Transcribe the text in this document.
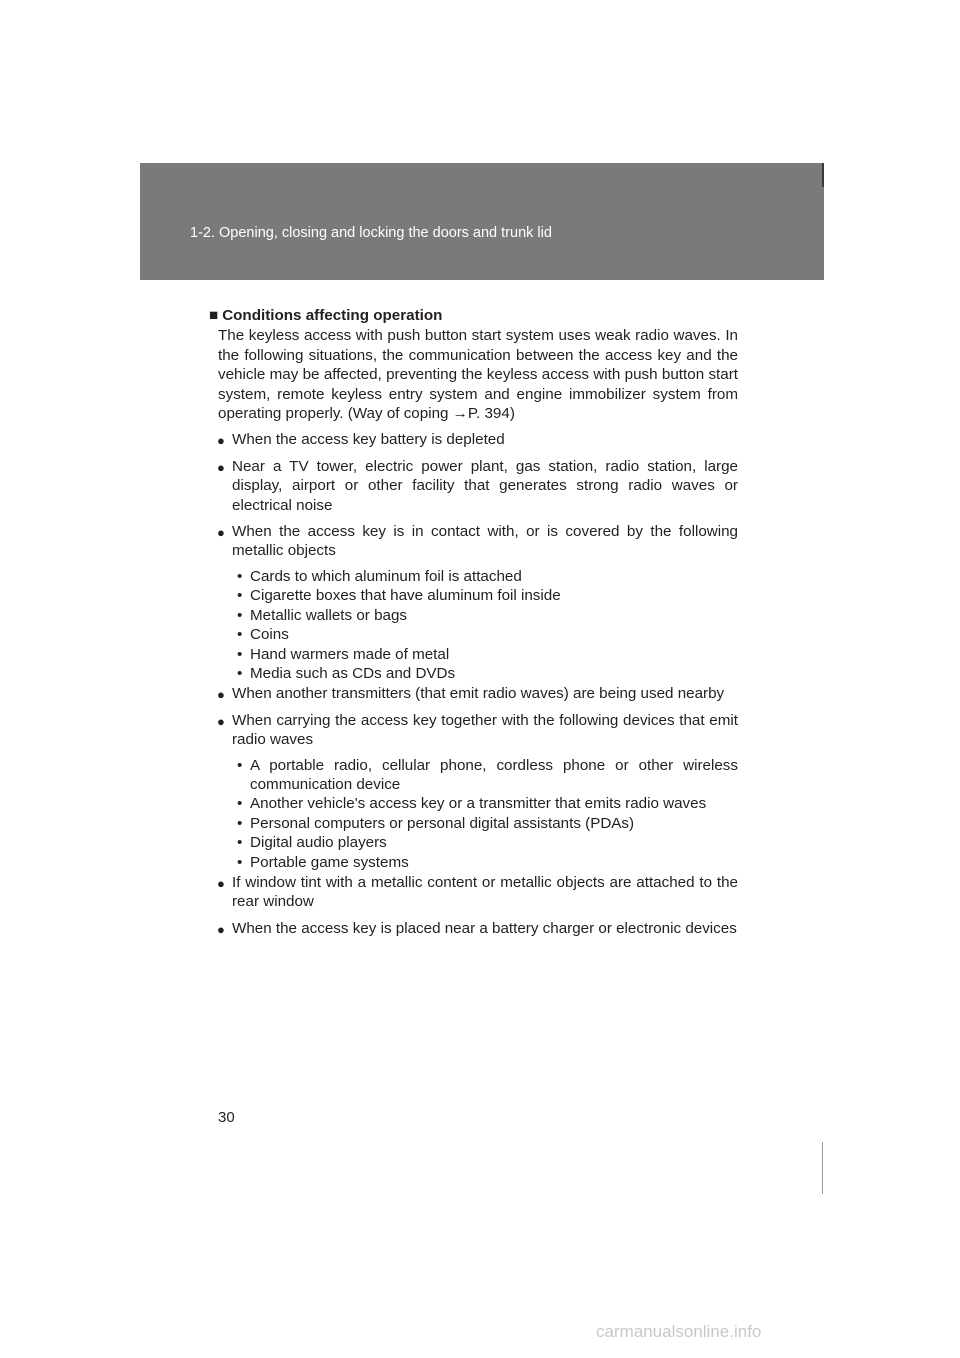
1-2. Opening, closing and locking the doors and trunk lid
■ Conditions affecting operation
The keyless access with push button start system uses weak radio waves. In the following situations, the communication between the access key and the vehicle may be affected, preventing the keyless access with push button start system, remote keyless entry system and engine immobilizer system from operating properly. (Way of coping →P. 394)
● When the access key battery is depleted
● Near a TV tower, electric power plant, gas station, radio station, large display, airport or other facility that generates strong radio waves or electrical noise
● When the access key is in contact with, or is covered by the following metallic objects
• Cards to which aluminum foil is attached
• Cigarette boxes that have aluminum foil inside
• Metallic wallets or bags
• Coins
• Hand warmers made of metal
• Media such as CDs and DVDs
● When another transmitters (that emit radio waves) are being used nearby
● When carrying the access key together with the following devices that emit radio waves
• A portable radio, cellular phone, cordless phone or other wireless communication device
• Another vehicle's access key or a transmitter that emits radio waves
• Personal computers or personal digital assistants (PDAs)
• Digital audio players
• Portable game systems
● If window tint with a metallic content or metallic objects are attached to the rear window
● When the access key is placed near a battery charger or electronic devices
30
carmanualsonline.info
